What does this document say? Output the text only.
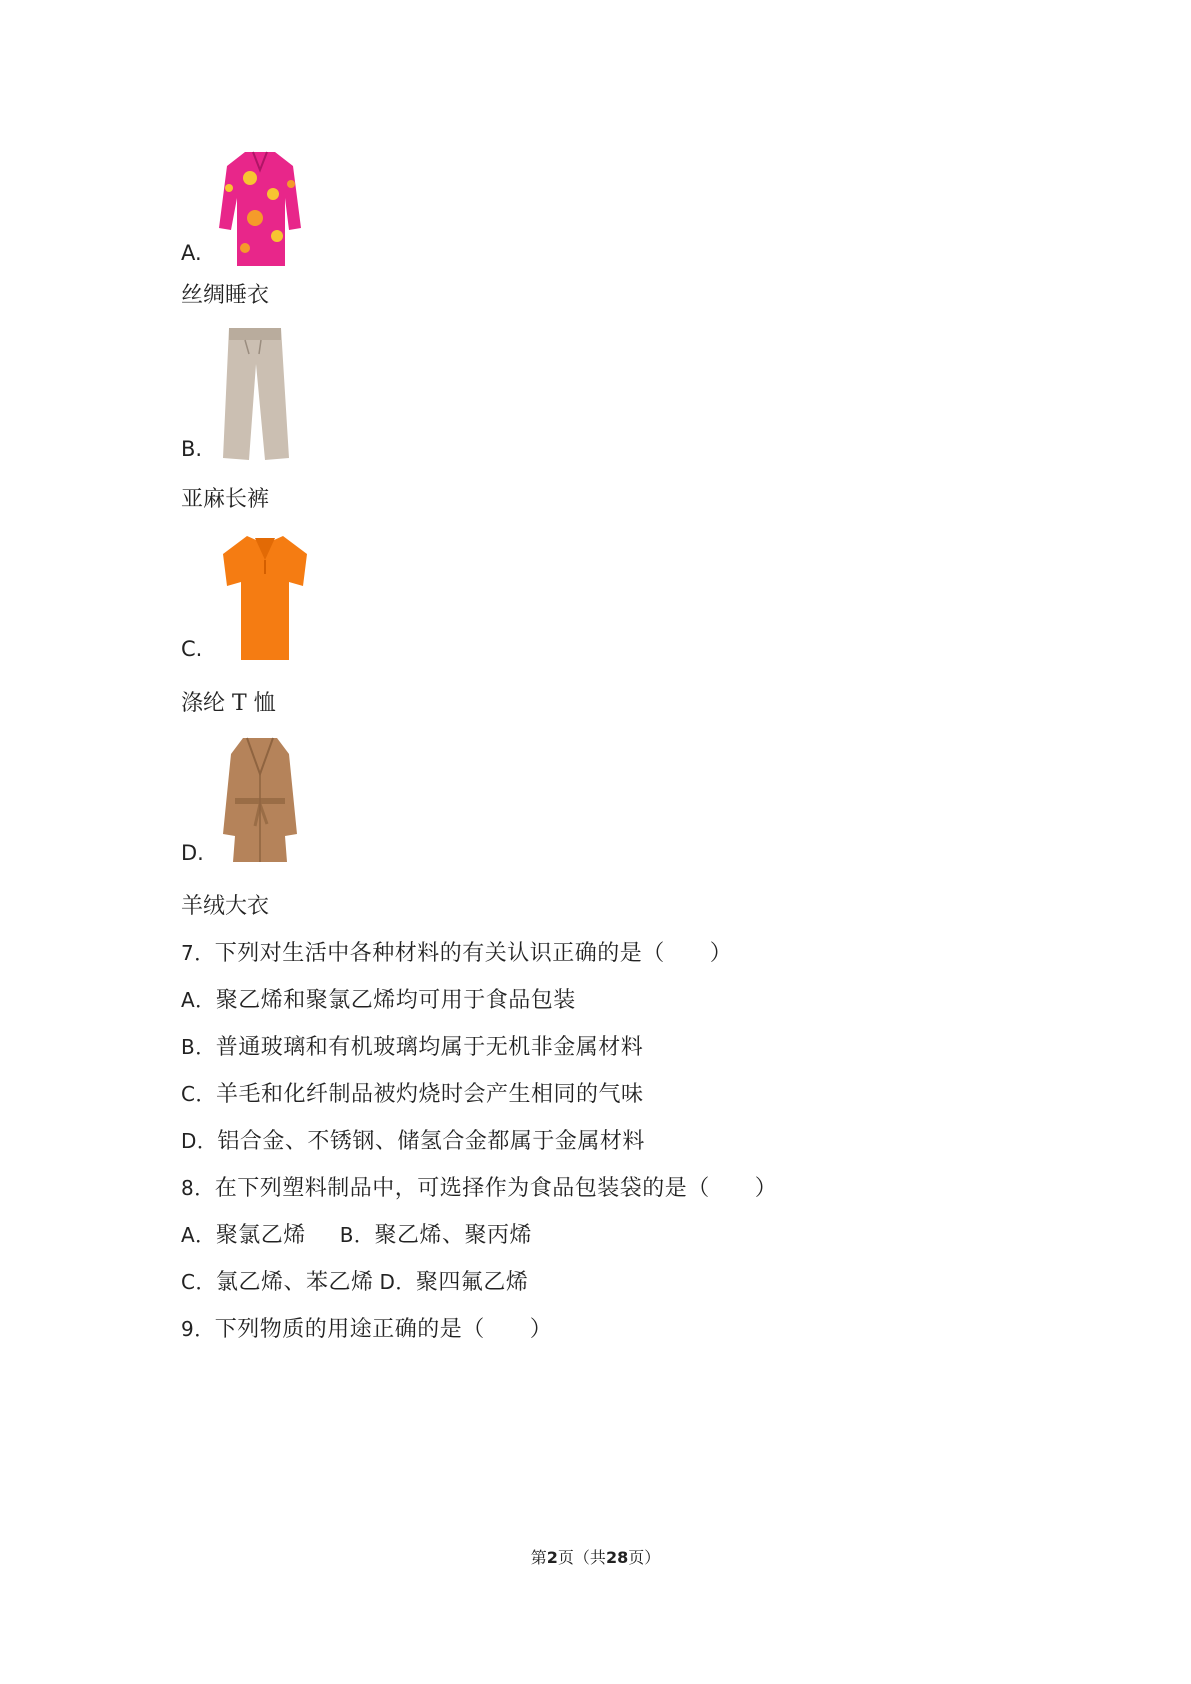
A.
丝绸睡衣
B.
亚麻长裤
C.
涤纶 T 恤
D.
羊绒大衣
7．下列对生活中各种材料的有关认识正确的是（　　）
A．聚乙烯和聚氯乙烯均可用于食品包装
B．普通玻璃和有机玻璃均属于无机非金属材料
C．羊毛和化纤制品被灼烧时会产生相同的气味
D．铝合金、不锈钢、储氢合金都属于金属材料
8．在下列塑料制品中，可选择作为食品包装袋的是（　　）
A．聚氯乙烯 B．聚乙烯、聚丙烯
C．氯乙烯、苯乙烯 D．聚四氟乙烯
9．下列物质的用途正确的是（　　）
第2页（共28页）
